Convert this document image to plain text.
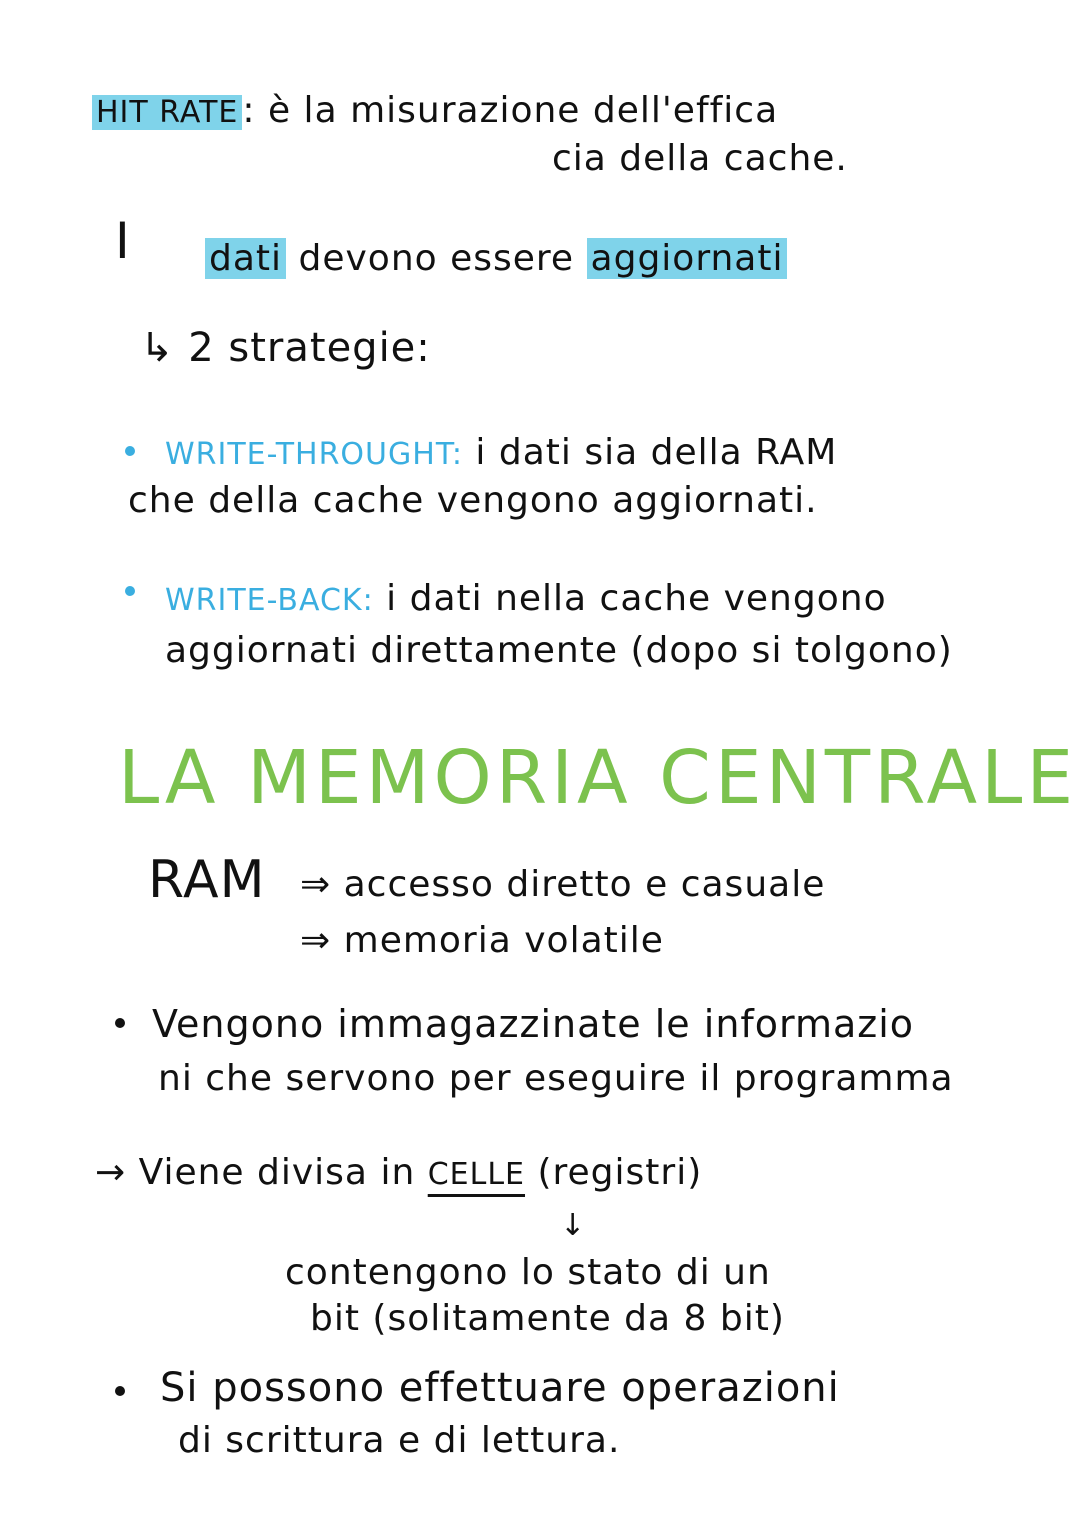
HIT RATE : è la misurazione dell'effica
cia della cache.
I dati devono essere aggiornati
↳ 2 strategie:
WRITE-THROUGHT: i dati sia della RAM
che della cache vengono aggiornati.
WRITE-BACK: i dati nella cache vengono
aggiornati direttamente (dopo si tolgono)
LA MEMORIA CENTRALE
RAM ⇒ accesso diretto e casuale
⇒ memoria volatile
Vengono immagazzinate le informazio
ni che servono per eseguire il programma
→ Viene divisa in CELLE (registri)
↓
contengono lo stato di un
bit (solitamente da 8 bit)
Si possono effettuare operazioni
di scrittura e di lettura.
